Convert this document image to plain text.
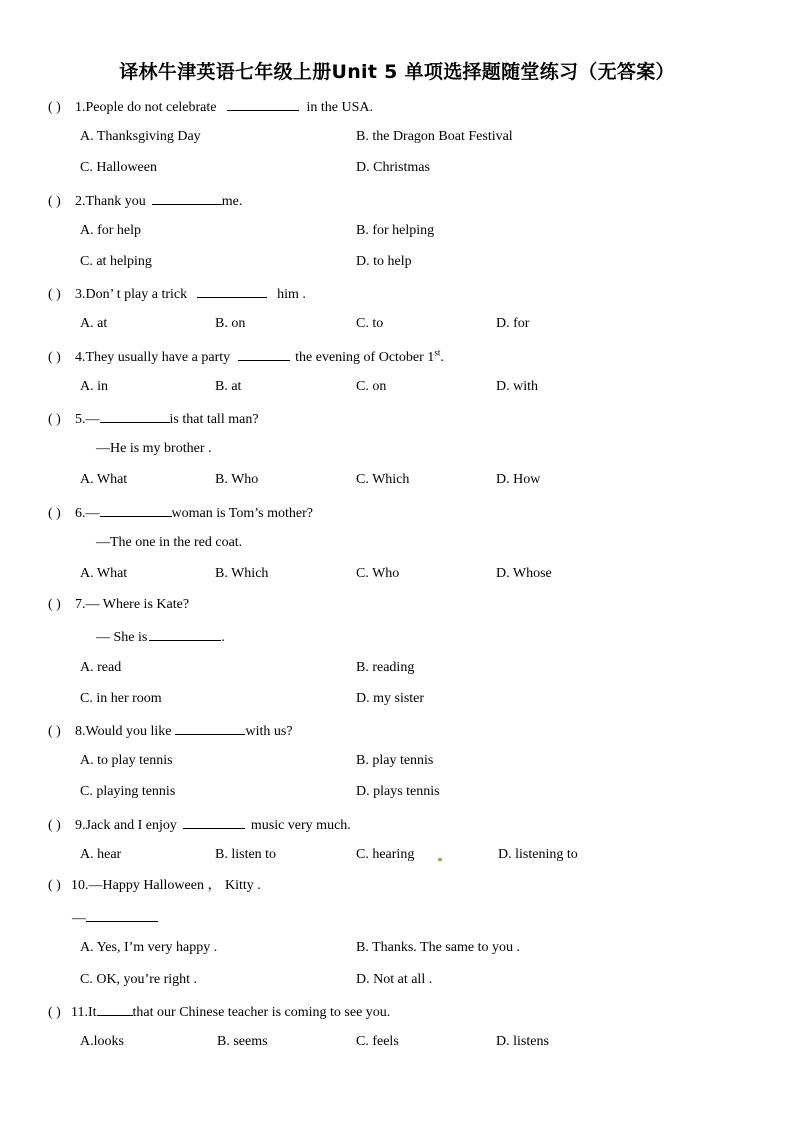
译林牛津英语七年级上册Unit 5 单项选择题随堂练习（无答案）
( ) 1.People do not celebrate	in the USA.
A. Thanksgiving Day	B. the Dragon Boat Festival
C. Halloween	D. Christmas
( ) 2.Thank you	me.
A. for help	B. for helping
C. at helping	D. to help
( ) 3.Don’ t play a trick	him .
A. at	B. on	C. to	D. for
( ) 4.They usually have a party	the evening of October 1st.
A. in	B. at	C. on	D. with
( ) 5.—	is that tall man?
—He is my brother .
A. What	B. Who	C. Which	D. How
( ) 6.—	woman is Tom’s mother?
—The one in the red coat.
A. What	B. Which	C. Who	D. Whose
( ) 7.— Where is Kate?
— She is	.
A. read	B. reading
C. in her room	D. my sister
( ) 8.Would you like	with us?
A. to play tennis	B. play tennis
C. playing tennis	D. plays tennis
( ) 9.Jack and I enjoy	music very much.
A. hear	B. listen to	C. hearing	D. listening to
( ) 10.—Happy Halloween ， Kitty .
—
A. Yes, I’m very happy .	B. Thanks. The same to you .
C. OK, you’re right .	D. Not at all .
( ) 11.It	that our Chinese teacher is coming to see you.
A.looks	B. seems	C. feels	D. listens
